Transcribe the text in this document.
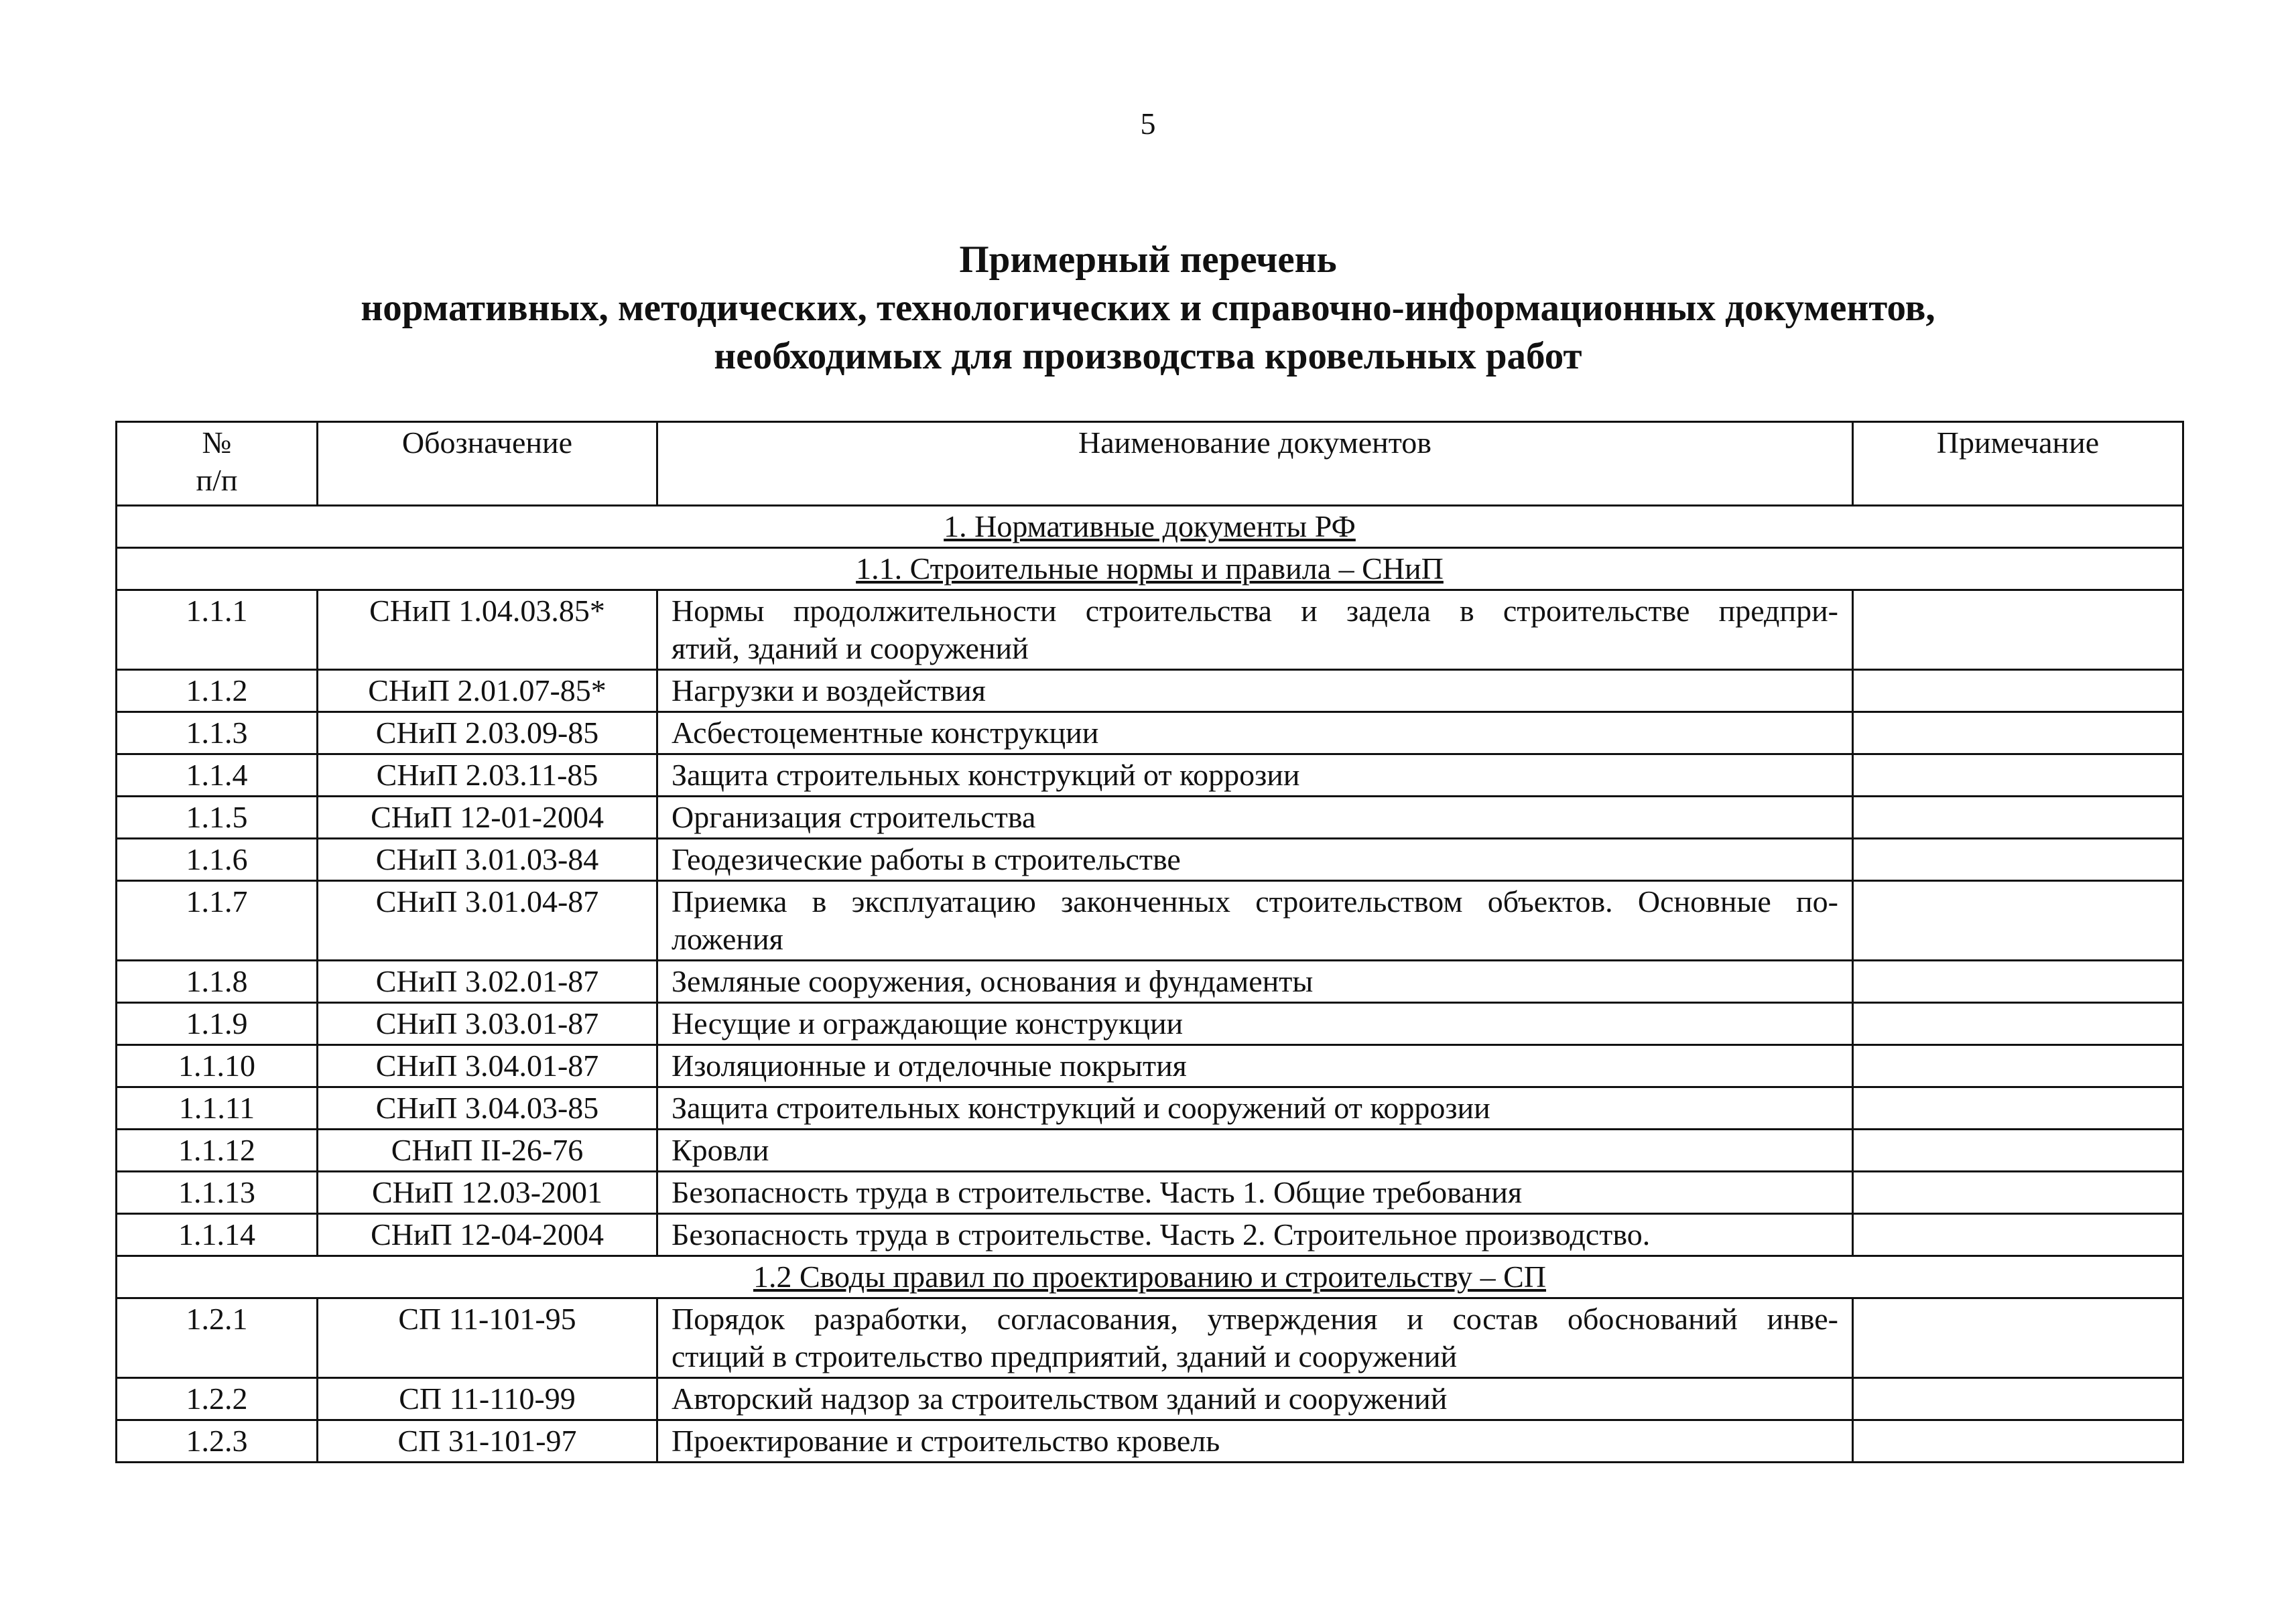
5
Примерный перечень
нормативных, методических, технологических и справочно-информационных документов,
необходимых для производства кровельных работ
№
п/п	Обозначение	Наименование документов	Примечание
1. Нормативные документы РФ			
1.1. Строительные нормы и правила – СНиП			
1.1.1	СНиП 1.04.03.85*	Нормы продолжительности строительства и задела в строительстве предпри-
ятий, зданий и сооружений	

1.1.2	СНиП 2.01.07-85*	Нагрузки и воздействия	
1.1.3	СНиП 2.03.09-85	Асбестоцементные конструкции	
1.1.4	СНиП 2.03.11-85	Защита строительных конструкций от коррозии	
1.1.5	СНиП 12-01-2004	Организация строительства	
1.1.6	СНиП 3.01.03-84	Геодезические работы в строительстве	
1.1.7	СНиП 3.01.04-87	Приемка в эксплуатацию законченных строительством объектов. Основные по-
ложения	

1.1.8	СНиП 3.02.01-87	Земляные сооружения, основания и фундаменты	
1.1.9	СНиП 3.03.01-87	Несущие и ограждающие конструкции	
1.1.10	СНиП 3.04.01-87	Изоляционные и отделочные покрытия	
1.1.11	СНиП 3.04.03-85	Защита строительных конструкций и сооружений от коррозии	
1.1.12	СНиП II-26-76	Кровли	
1.1.13	СНиП 12.03-2001	Безопасность труда в строительстве. Часть 1. Общие требования	
1.1.14	СНиП 12-04-2004	Безопасность труда в строительстве. Часть 2. Строительное производство.	
1.2 Своды правил по проектированию и строительству – СП			
1.2.1	СП 11-101-95	Порядок разработки, согласования, утверждения и состав обоснований инве-
стиций в строительство предприятий, зданий и сооружений	

1.2.2	СП 11-110-99	Авторский надзор за строительством зданий и сооружений	
1.2.3	СП 31-101-97	Проектирование и строительство кровель	
